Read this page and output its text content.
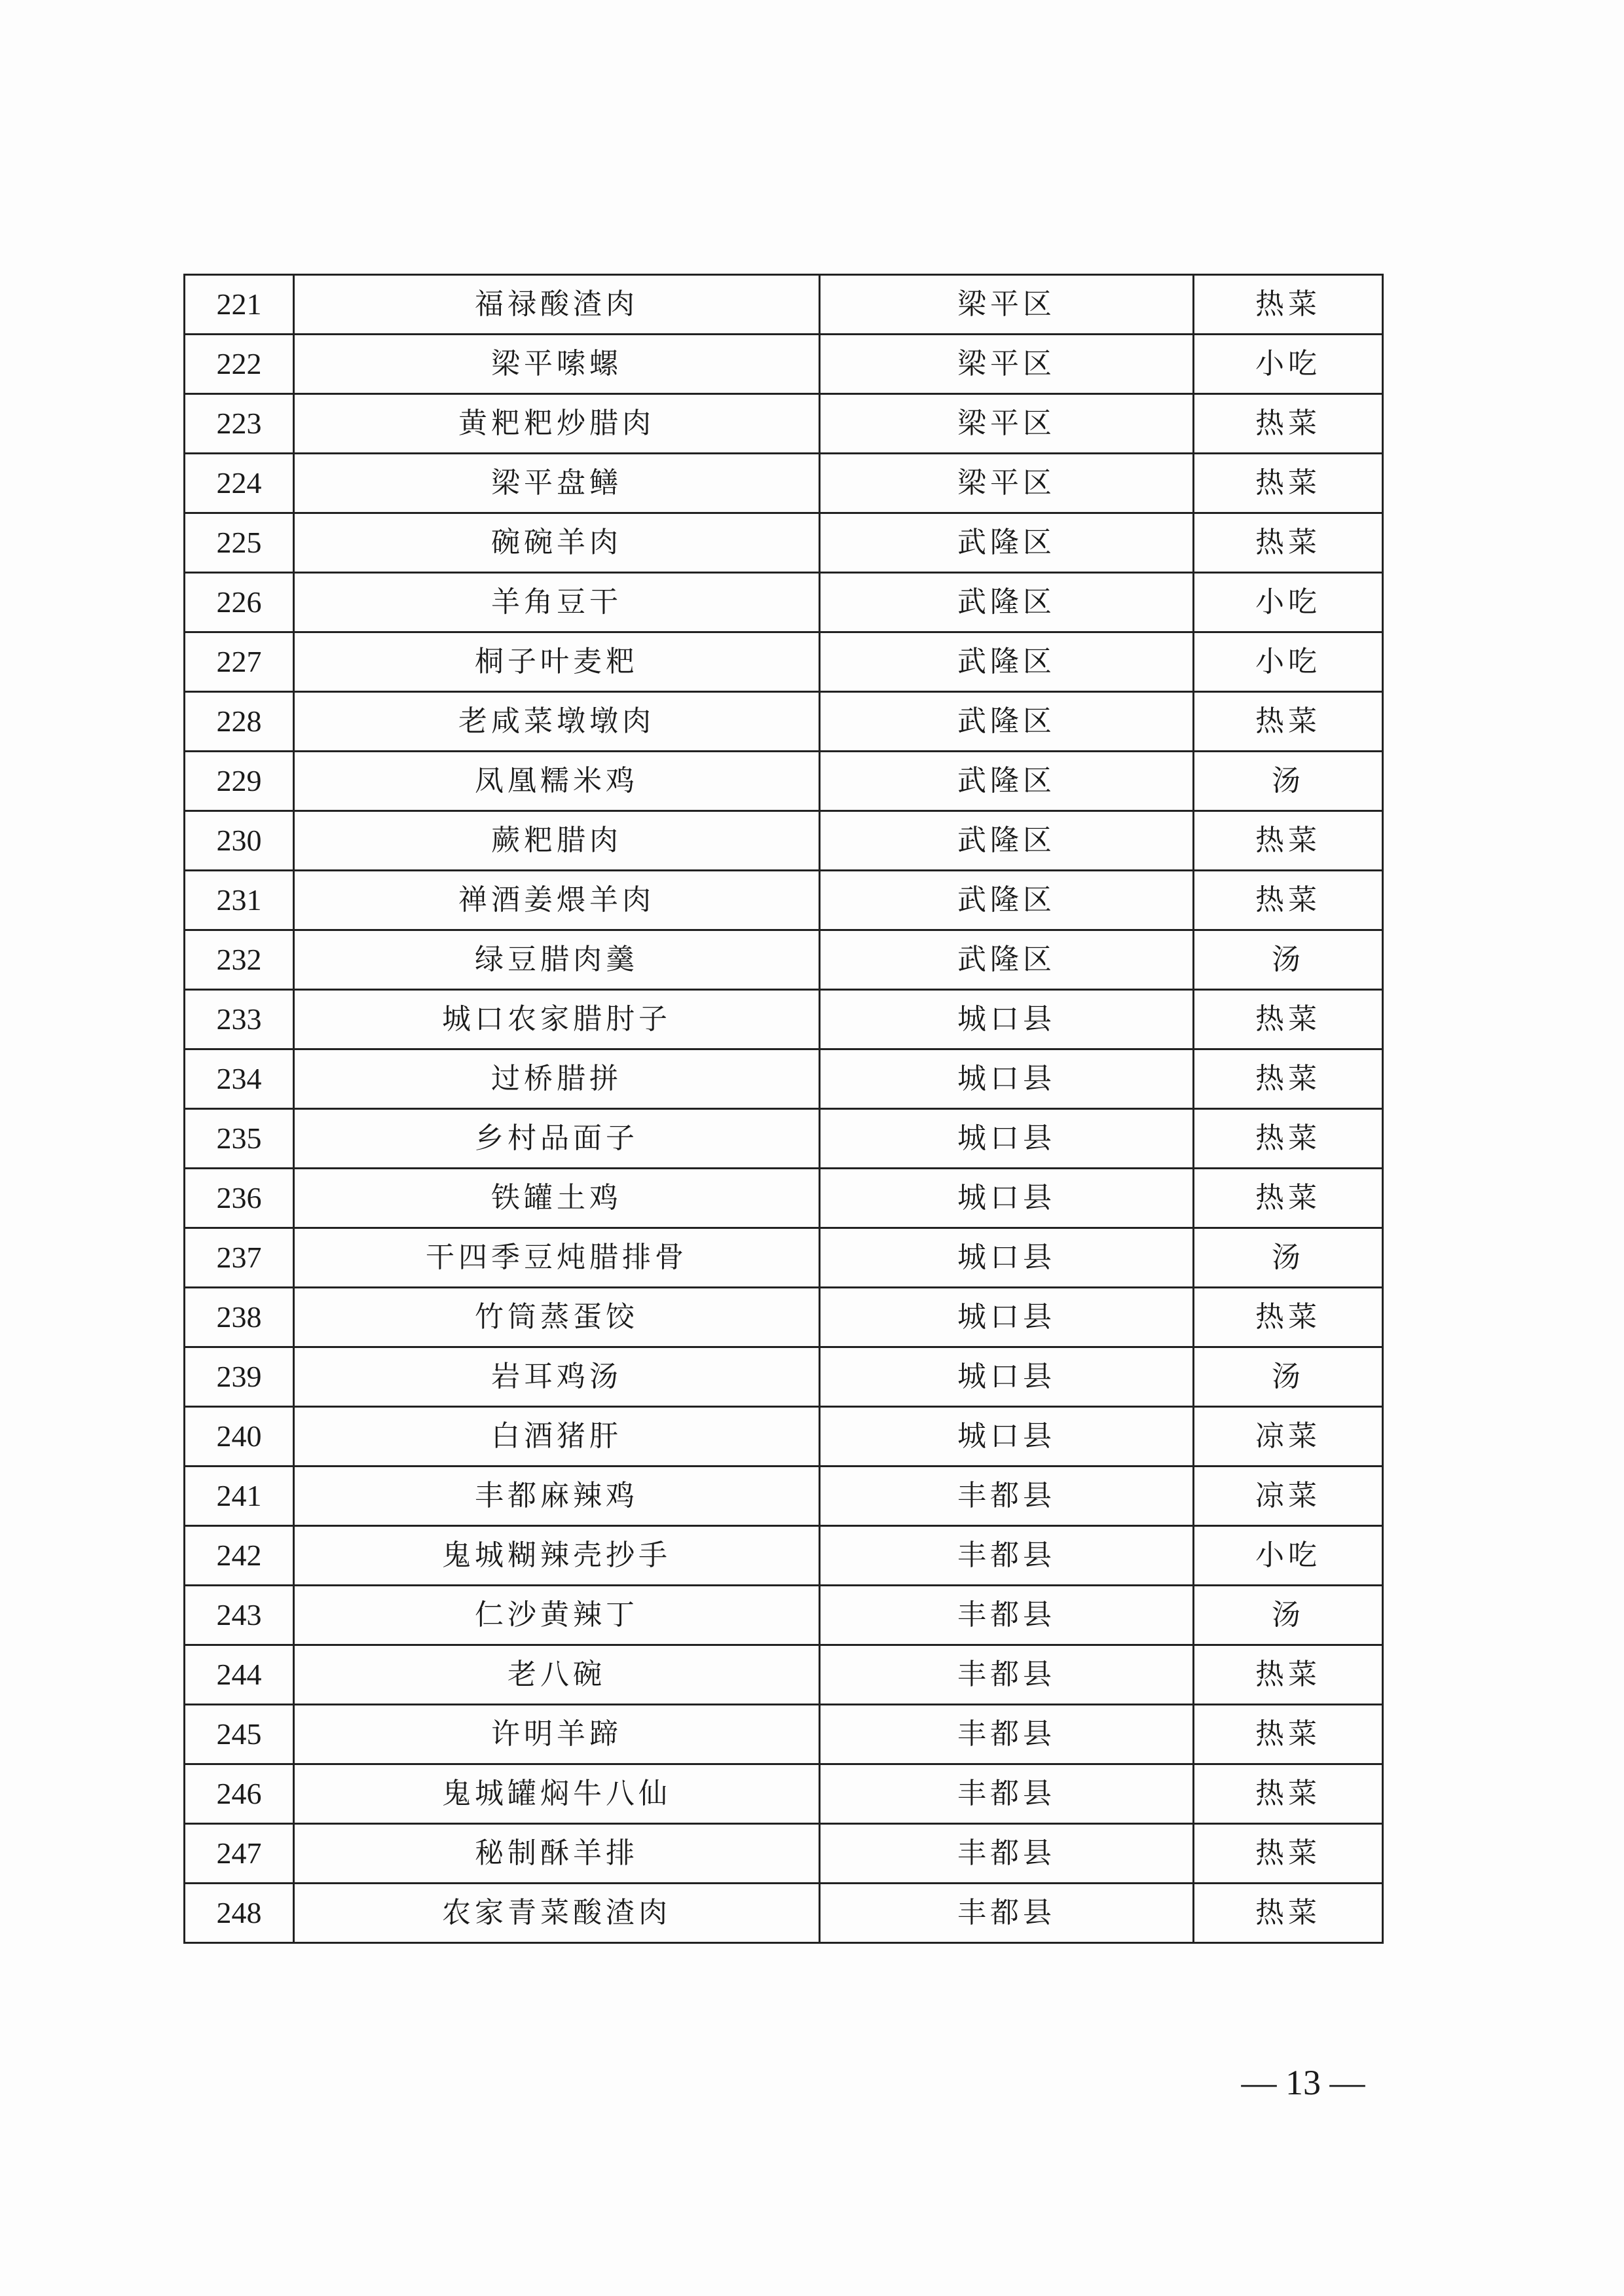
221	福禄酸渣肉	梁平区	热菜
222	梁平嗦螺	梁平区	小吃
223	黄粑粑炒腊肉	梁平区	热菜
224	梁平盘鳝	梁平区	热菜
225	碗碗羊肉	武隆区	热菜
226	羊角豆干	武隆区	小吃
227	桐子叶麦粑	武隆区	小吃
228	老咸菜墩墩肉	武隆区	热菜
229	凤凰糯米鸡	武隆区	汤
230	蕨粑腊肉	武隆区	热菜
231	禅酒姜煨羊肉	武隆区	热菜
232	绿豆腊肉羹	武隆区	汤
233	城口农家腊肘子	城口县	热菜
234	过桥腊拼	城口县	热菜
235	乡村品面子	城口县	热菜
236	铁罐土鸡	城口县	热菜
237	干四季豆炖腊排骨	城口县	汤
238	竹筒蒸蛋饺	城口县	热菜
239	岩耳鸡汤	城口县	汤
240	白酒猪肝	城口县	凉菜
241	丰都麻辣鸡	丰都县	凉菜
242	鬼城糊辣壳抄手	丰都县	小吃
243	仁沙黄辣丁	丰都县	汤
244	老八碗	丰都县	热菜
245	许明羊蹄	丰都县	热菜
246	鬼城罐焖牛八仙	丰都县	热菜
247	秘制酥羊排	丰都县	热菜
248	农家青菜酸渣肉	丰都县	热菜
— 13 —
